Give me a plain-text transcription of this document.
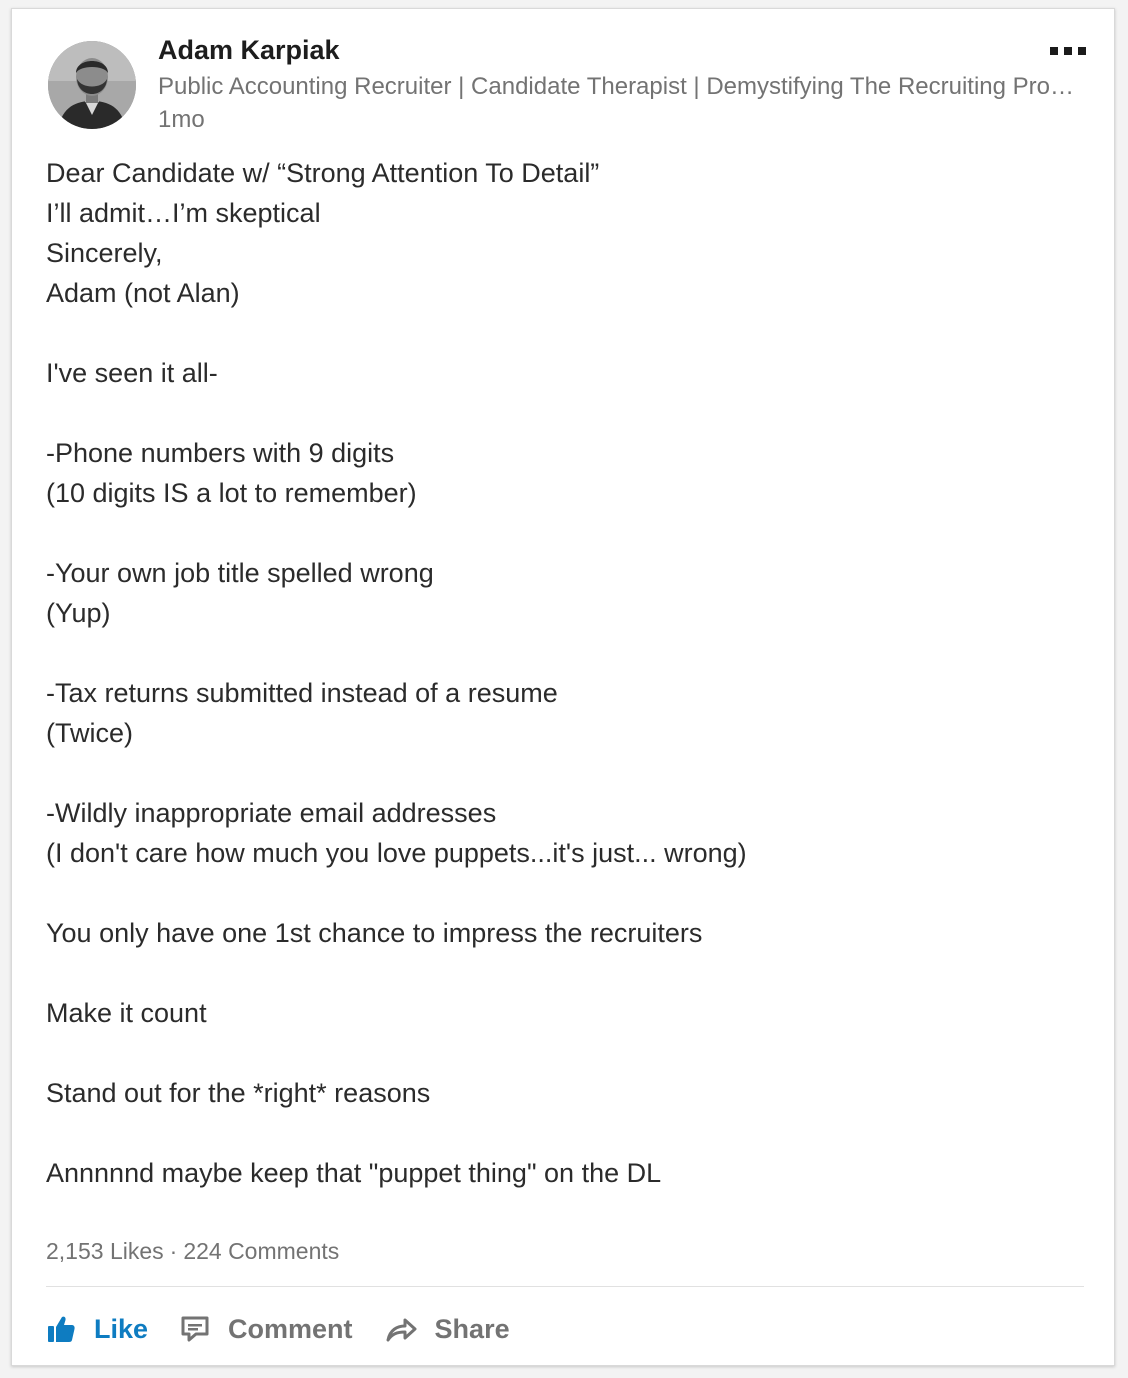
Adam Karpiak
Public Accounting Recruiter | Candidate Therapist | Demystifying The Recruiting Pro…
1mo
Dear Candidate w/ “Strong Attention To Detail”
I’ll admit…I’m skeptical
Sincerely,
Adam (not Alan)
I've seen it all-
-Phone numbers with 9 digits
(10 digits IS a lot to remember)
-Your own job title spelled wrong
(Yup)
-Tax returns submitted instead of a resume
(Twice)
-Wildly inappropriate email addresses
(I don't care how much you love puppets...it's just... wrong)
You only have one 1st chance to impress the recruiters
Make it count
Stand out for the *right* reasons
Annnnnd maybe keep that "puppet thing" on the DL
2,153 Likes · 224 Comments
Like	Comment	Share
